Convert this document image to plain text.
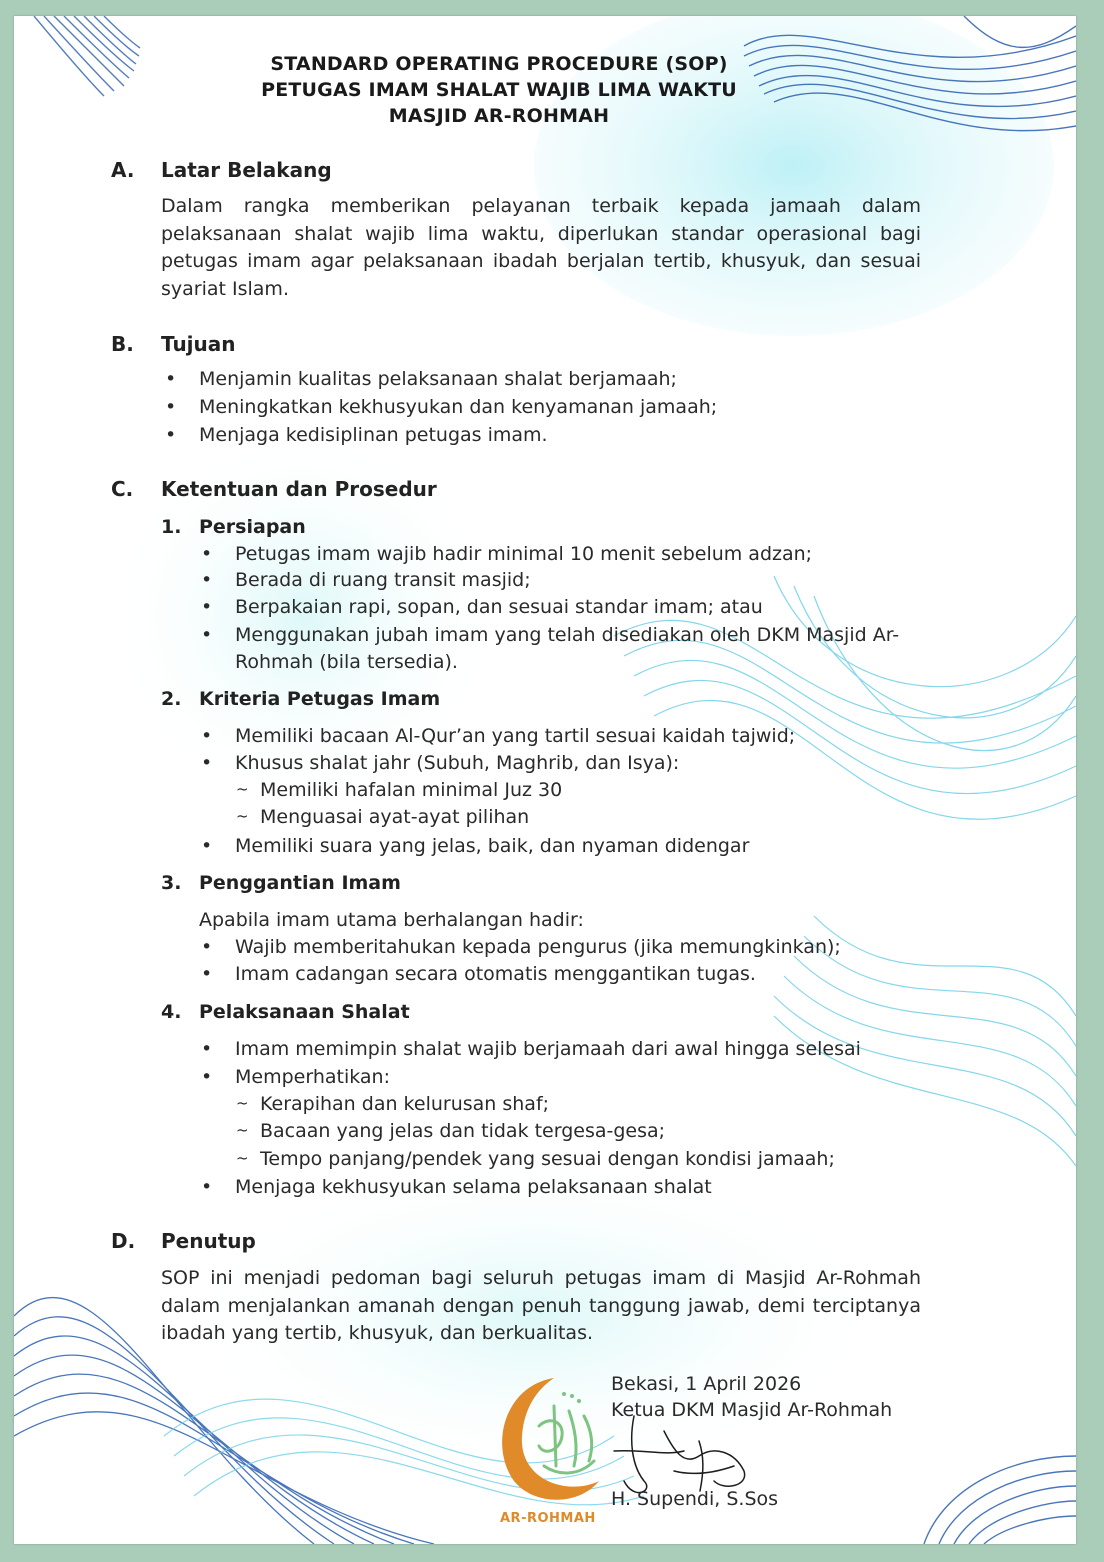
STANDARD OPERATING PROCEDURE (SOP)
PETUGAS IMAM SHALAT WAJIB LIMA WAKTU
MASJID AR-ROHMAH
A. Latar Belakang
Dalam rangka memberikan pelayanan terbaik kepada jamaah dalam pelaksanaan shalat wajib lima waktu, diperlukan standar operasional bagi petugas imam agar pelaksanaan ibadah berjalan tertib, khusyuk, dan sesuai syariat Islam.
B. Tujuan
• Menjamin kualitas pelaksanaan shalat berjamaah;
• Meningkatkan kekhusyukan dan kenyamanan jamaah;
• Menjaga kedisiplinan petugas imam.
C. Ketentuan dan Prosedur
1. Persiapan
• Petugas imam wajib hadir minimal 10 menit sebelum adzan;
• Berada di ruang transit masjid;
• Berpakaian rapi, sopan, dan sesuai standar imam; atau
• Menggunakan jubah imam yang telah disediakan oleh DKM Masjid Ar-
Rohmah (bila tersedia).
2. Kriteria Petugas Imam
• Memiliki bacaan Al-Qur’an yang tartil sesuai kaidah tajwid;
• Khusus shalat jahr (Subuh, Maghrib, dan Isya):
~ Memiliki hafalan minimal Juz 30
~ Menguasai ayat-ayat pilihan
• Memiliki suara yang jelas, baik, dan nyaman didengar
3. Penggantian Imam
Apabila imam utama berhalangan hadir:
• Wajib memberitahukan kepada pengurus (jika memungkinkan);
• Imam cadangan secara otomatis menggantikan tugas.
4. Pelaksanaan Shalat
• Imam memimpin shalat wajib berjamaah dari awal hingga selesai
• Memperhatikan:
~ Kerapihan dan kelurusan shaf;
~ Bacaan yang jelas dan tidak tergesa-gesa;
~ Tempo panjang/pendek yang sesuai dengan kondisi jamaah;
• Menjaga kekhusyukan selama pelaksanaan shalat
D. Penutup
SOP ini menjadi pedoman bagi seluruh petugas imam di Masjid Ar-Rohmah dalam menjalankan amanah dengan penuh tanggung jawab, demi terciptanya ibadah yang tertib, khusyuk, dan berkualitas.
AR-ROHMAH
Bekasi, 1 April 2026
Ketua DKM Masjid Ar-Rohmah
H. Supendi, S.Sos
